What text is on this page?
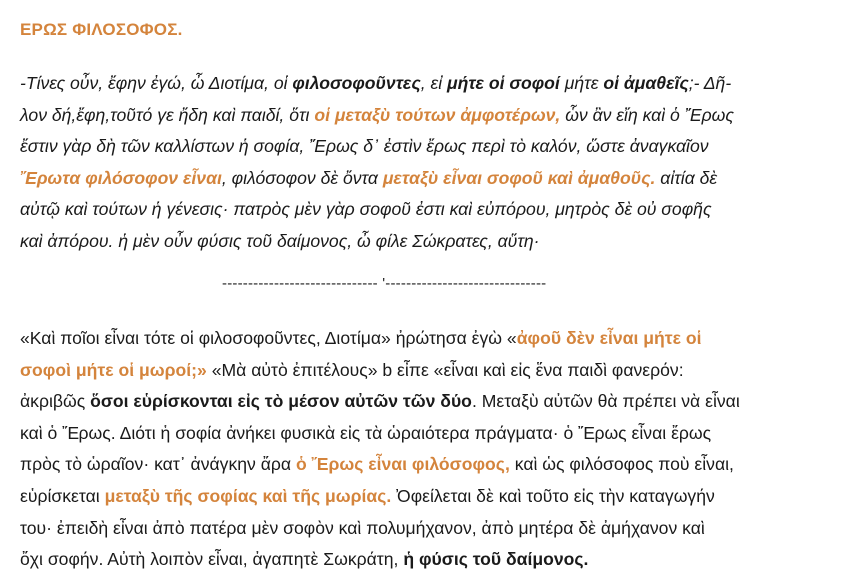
ΕΡΩΣ ΦΙΛΟΣΟΦΟΣ.
-Τίνες οὖν, ἔφην ἐγώ, ὦ Διοτίμα, οἱ φιλοσοφοῦντες, εἰ μήτε οἱ σοφοί μήτε οἱ ἀμαθεῖς;- Δῆ-
λον δή,ἔφη,τοῦτό γε ἤδη καὶ παιδί, ὅτι οἱ μεταξὺ τούτων ἀμφοτέρων, ὧν ἂν εἴη καὶ ὁ Ἔρως
ἔστιν γὰρ δὴ τῶν καλλίστων ἡ σοφία, Ἔρως δ᾽ ἐστὶν ἔρως περὶ τὸ καλόν, ὥστε ἀναγκαῖον
Ἔρωτα φιλόσοφον εἶναι, φιλόσοφον δὲ ὄντα μεταξὺ εἶναι σοφοῦ καὶ ἀμαθοῦς. αἰτία δὲ
αὐτῷ καὶ τούτων ἡ γένεσις· πατρὸς μὲν γὰρ σοφοῦ ἐστι καὶ εὐπόρου, μητρὸς δὲ οὐ σοφῆς
καὶ ἀπόρου. ἡ μὲν οὖν φύσις τοῦ δαίμονος, ὦ φίλε Σώκρατες, αὕτη·
------------------------------ '-------------------------------
«Καὶ ποῖοι εἶναι τότε οἱ φιλοσοφοῦντες, Διοτίμα» ἠρώτησα ἐγὼ «ἀφοῦ δὲν εἶναι μήτε οἱ
σοφοὶ μήτε οἱ μωροί;» «Μὰ αὐτὸ ἐπιτέλους» b εἶπε «εἶναι καὶ εἰς ἕνα παιδὶ φανερόν:
ἀκριβῶς ὅσοι εὑρίσκονται εἰς τὸ μέσον αὐτῶν τῶν δύο. Μεταξὺ αὐτῶν θὰ πρέπει νὰ εἶναι
καὶ ὁ Ἔρως. Διότι ἡ σοφία ἀνήκει φυσικὰ εἰς τὰ ὡραιότερα πράγματα· ὁ Ἔρως εἶναι ἔρως
πρὸς τὸ ὡραῖον· κατ᾽ ἀνάγκην ἄρα ὁ Ἔρως εἶναι φιλόσοφος, καὶ ὡς φιλόσοφος ποὺ εἶναι,
εὑρίσκεται μεταξὺ τῆς σοφίας καὶ τῆς μωρίας. Ὀφείλεται δὲ καὶ τοῦτο εἰς τὴν καταγωγήν
του· ἐπειδὴ εἶναι ἀπὸ πατέρα μὲν σοφὸν καὶ πολυμήχανον, ἀπὸ μητέρα δὲ ἀμήχανον καὶ
ὄχι σοφήν. Αὐτὴ λοιπὸν εἶναι, ἀγαπητὲ Σωκράτη, ἡ φύσις τοῦ δαίμονος.
